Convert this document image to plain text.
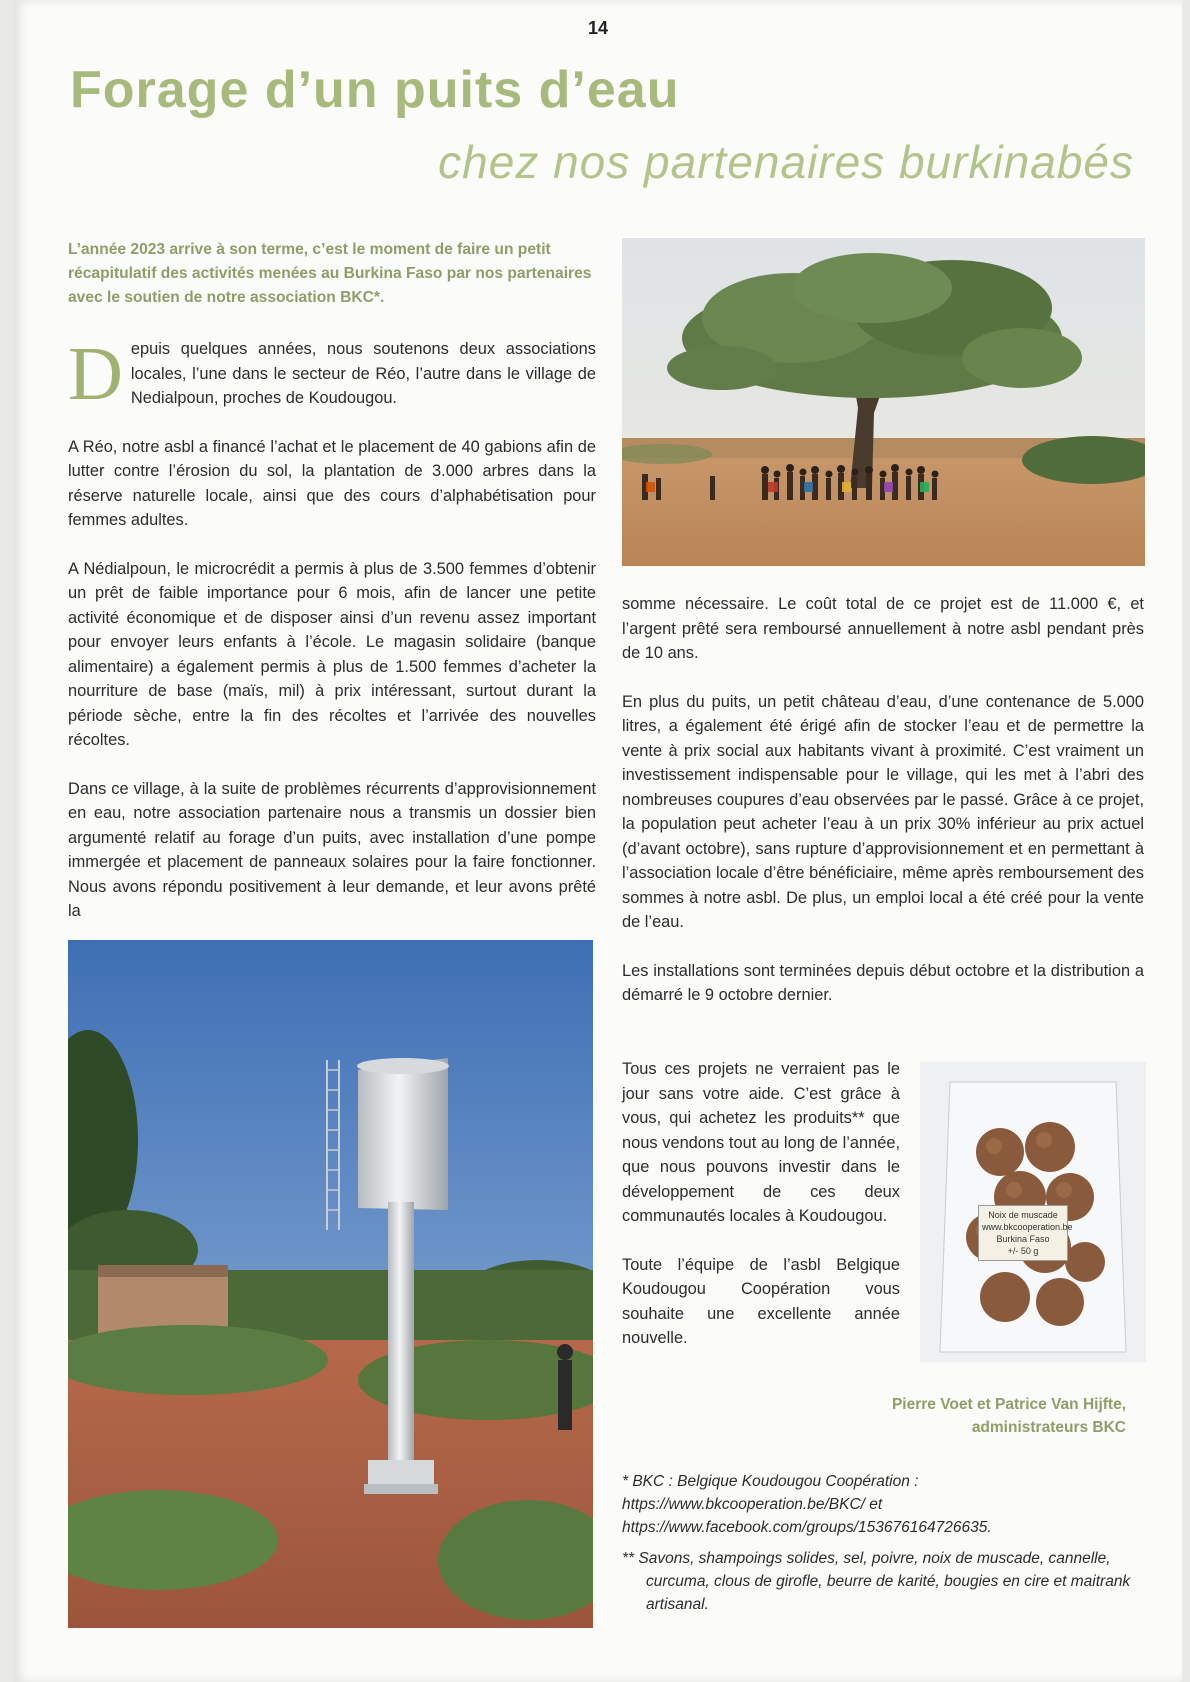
14
Forage d’un puits d’eau
chez nos partenaires burkinabés
L’année 2023 arrive à son terme, c’est le moment de faire un petit récapitulatif des activités menées au Burkina Faso par nos partenaires avec le soutien de notre association BKC*.

Depuis quelques années, nous soutenons deux associations locales, l’une dans le secteur de Réo, l’autre dans le village de Nedialpoun, proches de Koudougou.

A Réo, notre asbl a financé l’achat et le placement de 40 gabions afin de lutter contre l’érosion du sol, la plantation de 3.000 arbres dans la réserve naturelle locale, ainsi que des cours d’alphabétisation pour femmes adultes.

A Nédialpoun, le microcrédit a permis à plus de 3.500 femmes d’obtenir un prêt de faible importance pour 6 mois, afin de lancer une petite activité économique et de disposer ainsi d’un revenu assez important pour envoyer leurs enfants à l’école. Le magasin solidaire (banque alimentaire) a également permis à plus de 1.500 femmes d’acheter la nourriture de base (maïs, mil) à prix intéressant, surtout durant la période sèche, entre la fin des récoltes et l’arrivée des nouvelles récoltes.

Dans ce village, à la suite de problèmes récurrents d’approvisionnement en eau, notre association partenaire nous a transmis un dossier bien argumenté relatif au forage d’un puits, avec installation d’une pompe immergée et placement de panneaux solaires pour la faire fonctionner. Nous avons répondu positivement à leur demande, et leur avons prêté la

somme nécessaire. Le coût total de ce projet est de 11.000 €, et l’argent prêté sera remboursé annuellement à notre asbl pendant près de 10 ans.

En plus du puits, un petit château d’eau, d’une contenance de 5.000 litres, a également été érigé afin de stocker l’eau et de permettre la vente à prix social aux habitants vivant à proximité. C’est vraiment un investissement indispensable pour le village, qui les met à l’abri des nombreuses coupures d’eau observées par le passé. Grâce à ce projet, la population peut acheter l’eau à un prix 30% inférieur au prix actuel (d’avant octobre), sans rupture d’approvisionnement et en permettant à l’association locale d’être bénéficiaire, même après remboursement des sommes à notre asbl. De plus, un emploi local a été créé pour la vente de l’eau.

Les installations sont terminées depuis début octobre et la distribution a démarré le 9 octobre dernier.

Tous ces projets ne verraient pas le jour sans votre aide. C’est grâce à vous, qui achetez les produits** que nous vendons tout au long de l’année, que nous pouvons investir dans le développement de ces deux communautés locales à Koudougou.

Toute l’équipe de l’asbl Belgique Koudougou Coopération vous souhaite une excellente année nouvelle.

Pierre Voet et Patrice Van Hijfte,
administrateurs BKC
* BKC : Belgique Koudougou Coopération :
https://www.bkcooperation.be/BKC/ et
https://www.facebook.com/groups/153676164726635.
** Savons, shampoings solides, sel, poivre, noix de muscade, cannelle, curcuma, clous de girofle, beurre de karité, bougies en cire et maitrank artisanal.
Noix de muscade
www.bkcooperation.be
Burkina Faso
+/- 50 g
